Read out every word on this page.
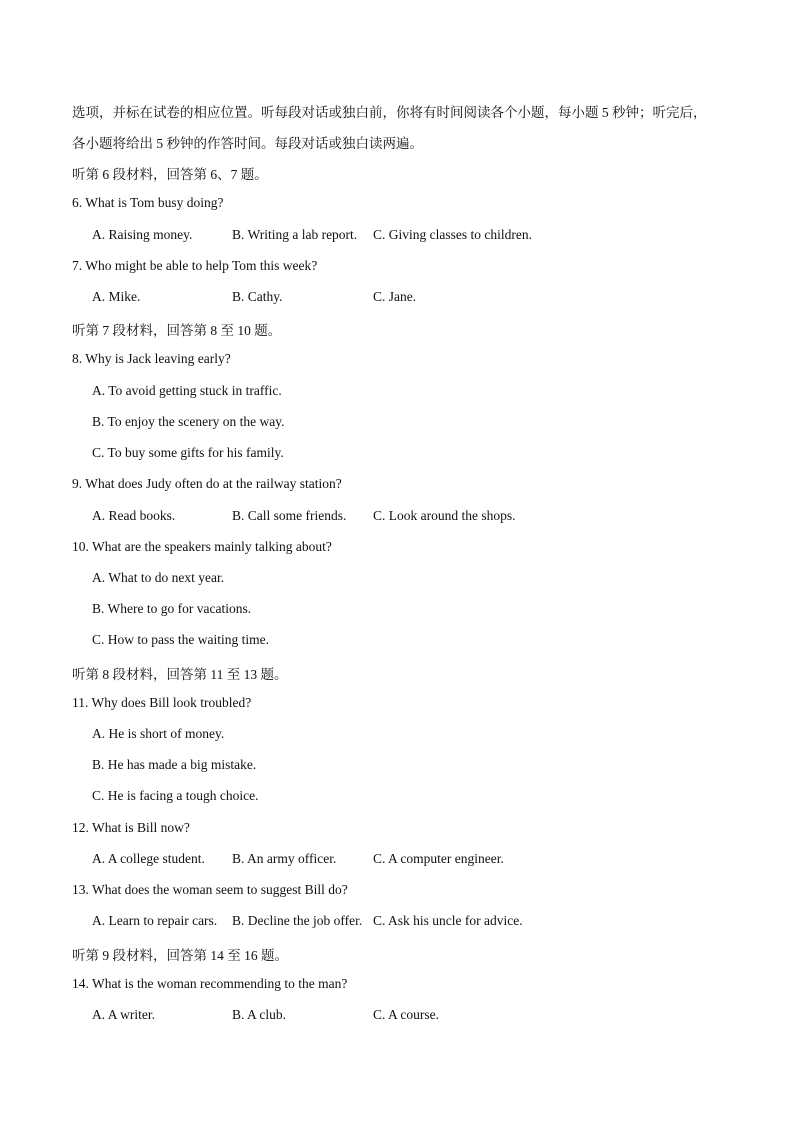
选项，并标在试卷的相应位置。听每段对话或独白前，你将有时间阅读各个小题，每小题 5 秒钟；听完后，
各小题将给出 5 秒钟的作答时间。每段对话或独白读两遍。
听第 6 段材料，回答第 6、7 题。
6. What is Tom busy doing?
A. Raising money.	B. Writing a lab report. C. Giving classes to children.
7. Who might be able to help Tom this week?
A. Mike.	B. Cathy.	C. Jane.
听第 7 段材料，回答第 8 至 10 题。
8. Why is Jack leaving early?
A. To avoid getting stuck in traffic.
B. To enjoy the scenery on the way.
C. To buy some gifts for his family.
9. What does Judy often do at the railway station?
A. Read books.	B. Call some friends. C. Look around the shops.
10. What are the speakers mainly talking about?
A. What to do next year.
B. Where to go for vacations.
C. How to pass the waiting time.
听第 8 段材料，回答第 11 至 13 题。
11. Why does Bill look troubled?
A. He is short of money.
B. He has made a big mistake.
C. He is facing a tough choice.
12. What is Bill now?
A. A college student. B. An army officer.	C. A computer engineer.
13. What does the woman seem to suggest Bill do?
A. Learn to repair cars. B. Decline the job offer. C. Ask his uncle for advice.
听第 9 段材料，回答第 14 至 16 题。
14. What is the woman recommending to the man?
A. A writer.	B. A club.	C. A course.
